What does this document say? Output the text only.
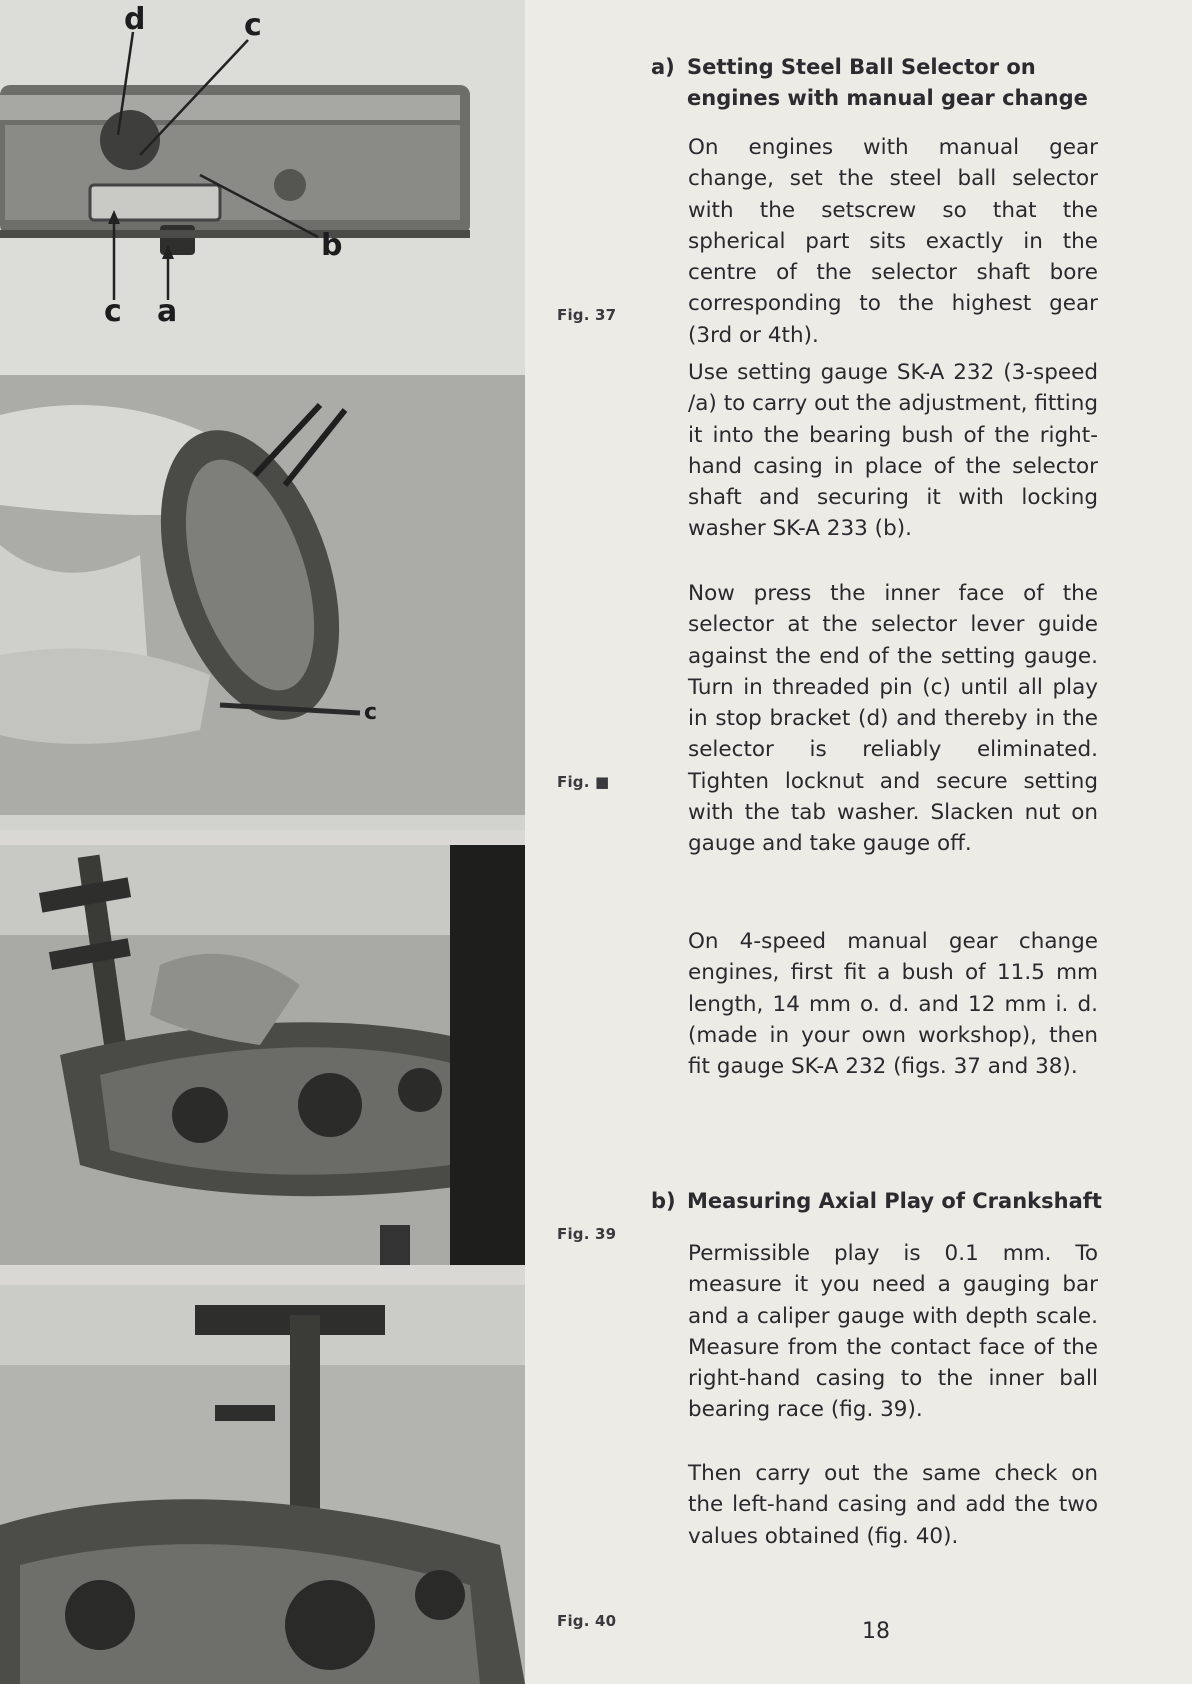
d	c
b
c a
c
Fig. 37
Fig. ■
Fig. 39
Fig. 40
a) Setting Steel Ball Selector on engines with manual gear change
On engines with manual gear change, set the steel ball selector with the setscrew so that the spherical part sits exactly in the centre of the selector shaft bore corresponding to the highest gear (3rd or 4th).
Use setting gauge SK-A 232 (3-speed /a) to carry out the adjustment, fitting it into the bearing bush of the right-hand casing in place of the selector shaft and securing it with locking washer SK-A 233 (b).
Now press the inner face of the selector at the selector lever guide against the end of the setting gauge. Turn in threaded pin (c) until all play in stop bracket (d) and thereby in the selector is reliably eliminated. Tighten locknut and secure setting with the tab washer. Slacken nut on gauge and take gauge off.
On 4-speed manual gear change engines, first fit a bush of 11.5 mm length, 14 mm o. d. and 12 mm i. d. (made in your own workshop), then fit gauge SK-A 232 (figs. 37 and 38).
b) Measuring Axial Play of Crankshaft
Permissible play is 0.1 mm. To measure it you need a gauging bar and a caliper gauge with depth scale. Measure from the contact face of the right-hand casing to the inner ball bearing race (fig. 39).
Then carry out the same check on the left-hand casing and add the two values obtained (fig. 40).
18
